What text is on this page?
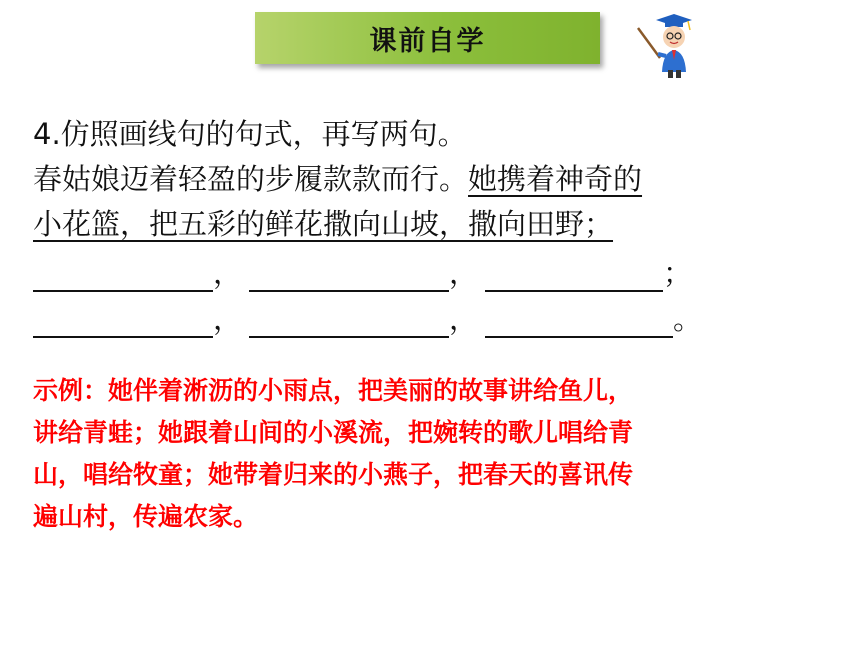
课前自学
4.仿照画线句的句式，再写两句。
春姑娘迈着轻盈的步履款款而行。她携着神奇的
小花篮，把五彩的鲜花撒向山坡，撒向田野；
，	，	；
，	，	。
示例：她伴着淅沥的小雨点，把美丽的故事讲给鱼儿，
讲给青蛙；她跟着山间的小溪流，把婉转的歌儿唱给青
山，唱给牧童；她带着归来的小燕子，把春天的喜讯传
遍山村，传遍农家。
